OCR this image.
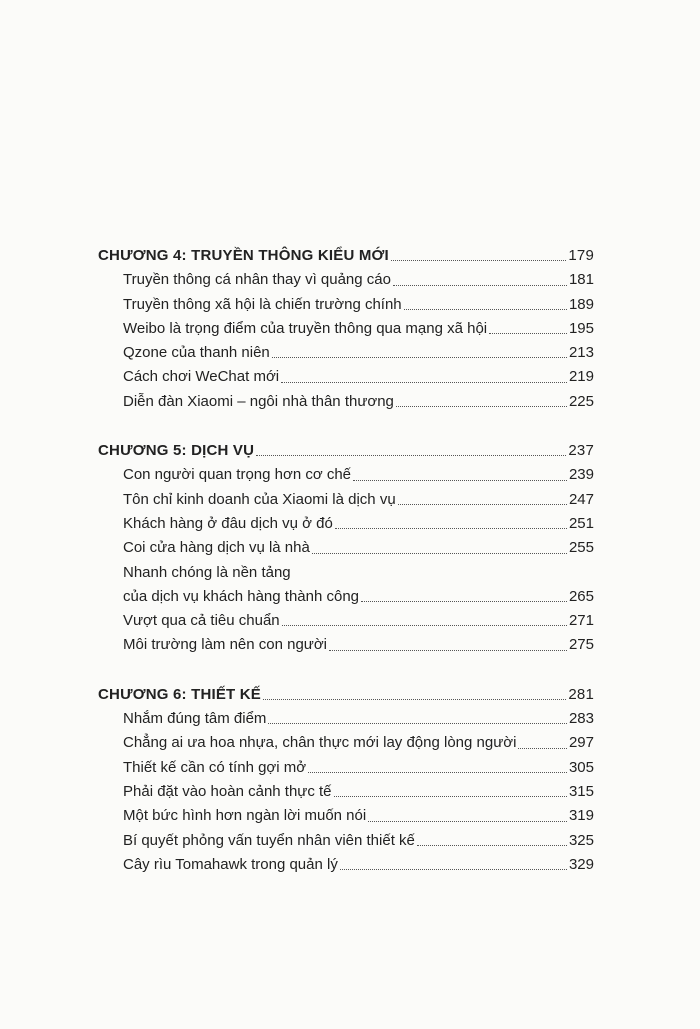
CHƯƠNG 4: TRUYỀN THÔNG KIỂU MỚI	179
Truyền thông cá nhân thay vì quảng cáo	181
Truyền thông xã hội là chiến trường chính	189
Weibo là trọng điểm của truyền thông qua mạng xã hội	195
Qzone của thanh niên	213
Cách chơi WeChat mới	219
Diễn đàn Xiaomi – ngôi nhà thân thương	225
CHƯƠNG 5: DỊCH VỤ	237
Con người quan trọng hơn cơ chế	239
Tôn chỉ kinh doanh của Xiaomi là dịch vụ	247
Khách hàng ở đâu dịch vụ ở đó	251
Coi cửa hàng dịch vụ là nhà	255
Nhanh chóng là nền tảng
của dịch vụ khách hàng thành công	265
Vượt qua cả tiêu chuẩn	271
Môi trường làm nên con người	275
CHƯƠNG 6: THIẾT KẾ	281
Nhắm đúng tâm điểm	283
Chẳng ai ưa hoa nhựa, chân thực mới lay động lòng người	297
Thiết kế cần có tính gợi mở	305
Phải đặt vào hoàn cảnh thực tế	315
Một bức hình hơn ngàn lời muốn nói	319
Bí quyết phỏng vấn tuyển nhân viên thiết kế	325
Cây rìu Tomahawk trong quản lý	329
